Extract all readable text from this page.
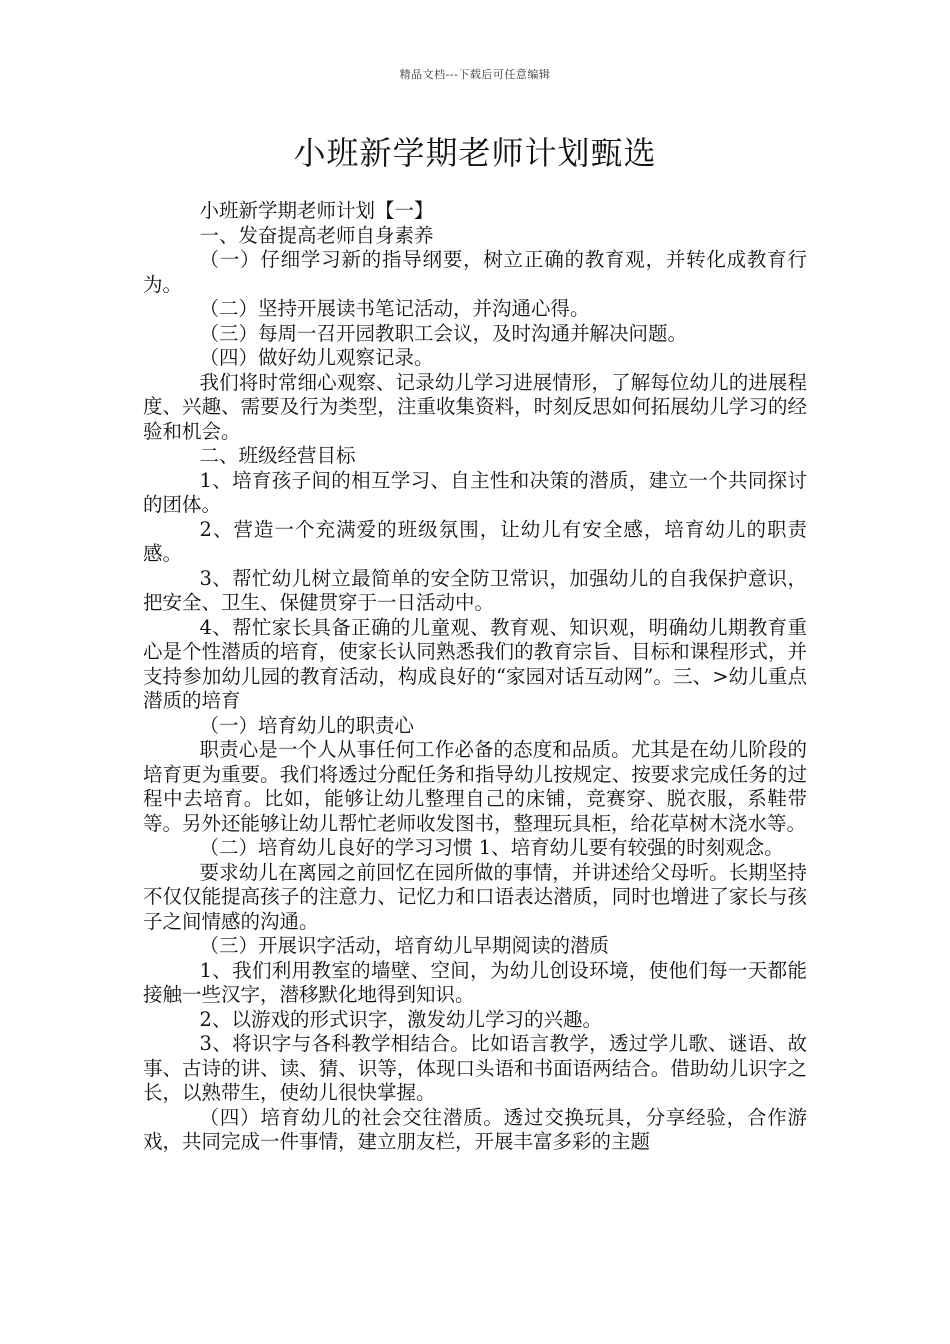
精品文档---下载后可任意编辑
小班新学期老师计划甄选

小班新学期老师计划【一】

一、发奋提高老师自身素养

（一）仔细学习新的指导纲要，树立正确的教育观，并转化成教育行为。

（二）坚持开展读书笔记活动，并沟通心得。

（三）每周一召开园教职工会议，及时沟通并解决问题。

（四）做好幼儿观察记录。

我们将时常细心观察、记录幼儿学习进展情形，了解每位幼儿的进展程度、兴趣、需要及行为类型，注重收集资料，时刻反思如何拓展幼儿学习的经验和机会。

二、班级经营目标

1、培育孩子间的相互学习、自主性和决策的潜质，建立一个共同探讨的团体。

2、营造一个充满爱的班级氛围，让幼儿有安全感，培育幼儿的职责感。

3、帮忙幼儿树立最简单的安全防卫常识，加强幼儿的自我保护意识，把安全、卫生、保健贯穿于一日活动中。

4、帮忙家长具备正确的儿童观、教育观、知识观，明确幼儿期教育重心是个性潜质的培育，使家长认同熟悉我们的教育宗旨、目标和课程形式，并支持参加幼儿园的教育活动，构成良好的“家园对话互动网”。三、>幼儿重点潜质的培育

（一）培育幼儿的职责心

职责心是一个人从事任何工作必备的态度和品质。尤其是在幼儿阶段的培育更为重要。我们将透过分配任务和指导幼儿按规定、按要求完成任务的过程中去培育。比如，能够让幼儿整理自己的床铺，竞赛穿、脱衣服，系鞋带等。另外还能够让幼儿帮忙老师收发图书，整理玩具柜，给花草树木浇水等。

（二）培育幼儿良好的学习习惯 1、培育幼儿要有较强的时刻观念。

要求幼儿在离园之前回忆在园所做的事情，并讲述给父母听。长期坚持不仅仅能提高孩子的注意力、记忆力和口语表达潜质，同时也增进了家长与孩子之间情感的沟通。

（三）开展识字活动，培育幼儿早期阅读的潜质

1、我们利用教室的墙壁、空间，为幼儿创设环境，使他们每一天都能接触一些汉字，潜移默化地得到知识。

2、以游戏的形式识字，激发幼儿学习的兴趣。

3、将识字与各科教学相结合。比如语言教学，透过学儿歌、谜语、故事、古诗的讲、读、猜、识等，体现口头语和书面语两结合。借助幼儿识字之长，以熟带生，使幼儿很快掌握。

（四）培育幼儿的社会交往潜质。透过交换玩具，分享经验，合作游戏，共同完成一件事情，建立朋友栏，开展丰富多彩的主题
